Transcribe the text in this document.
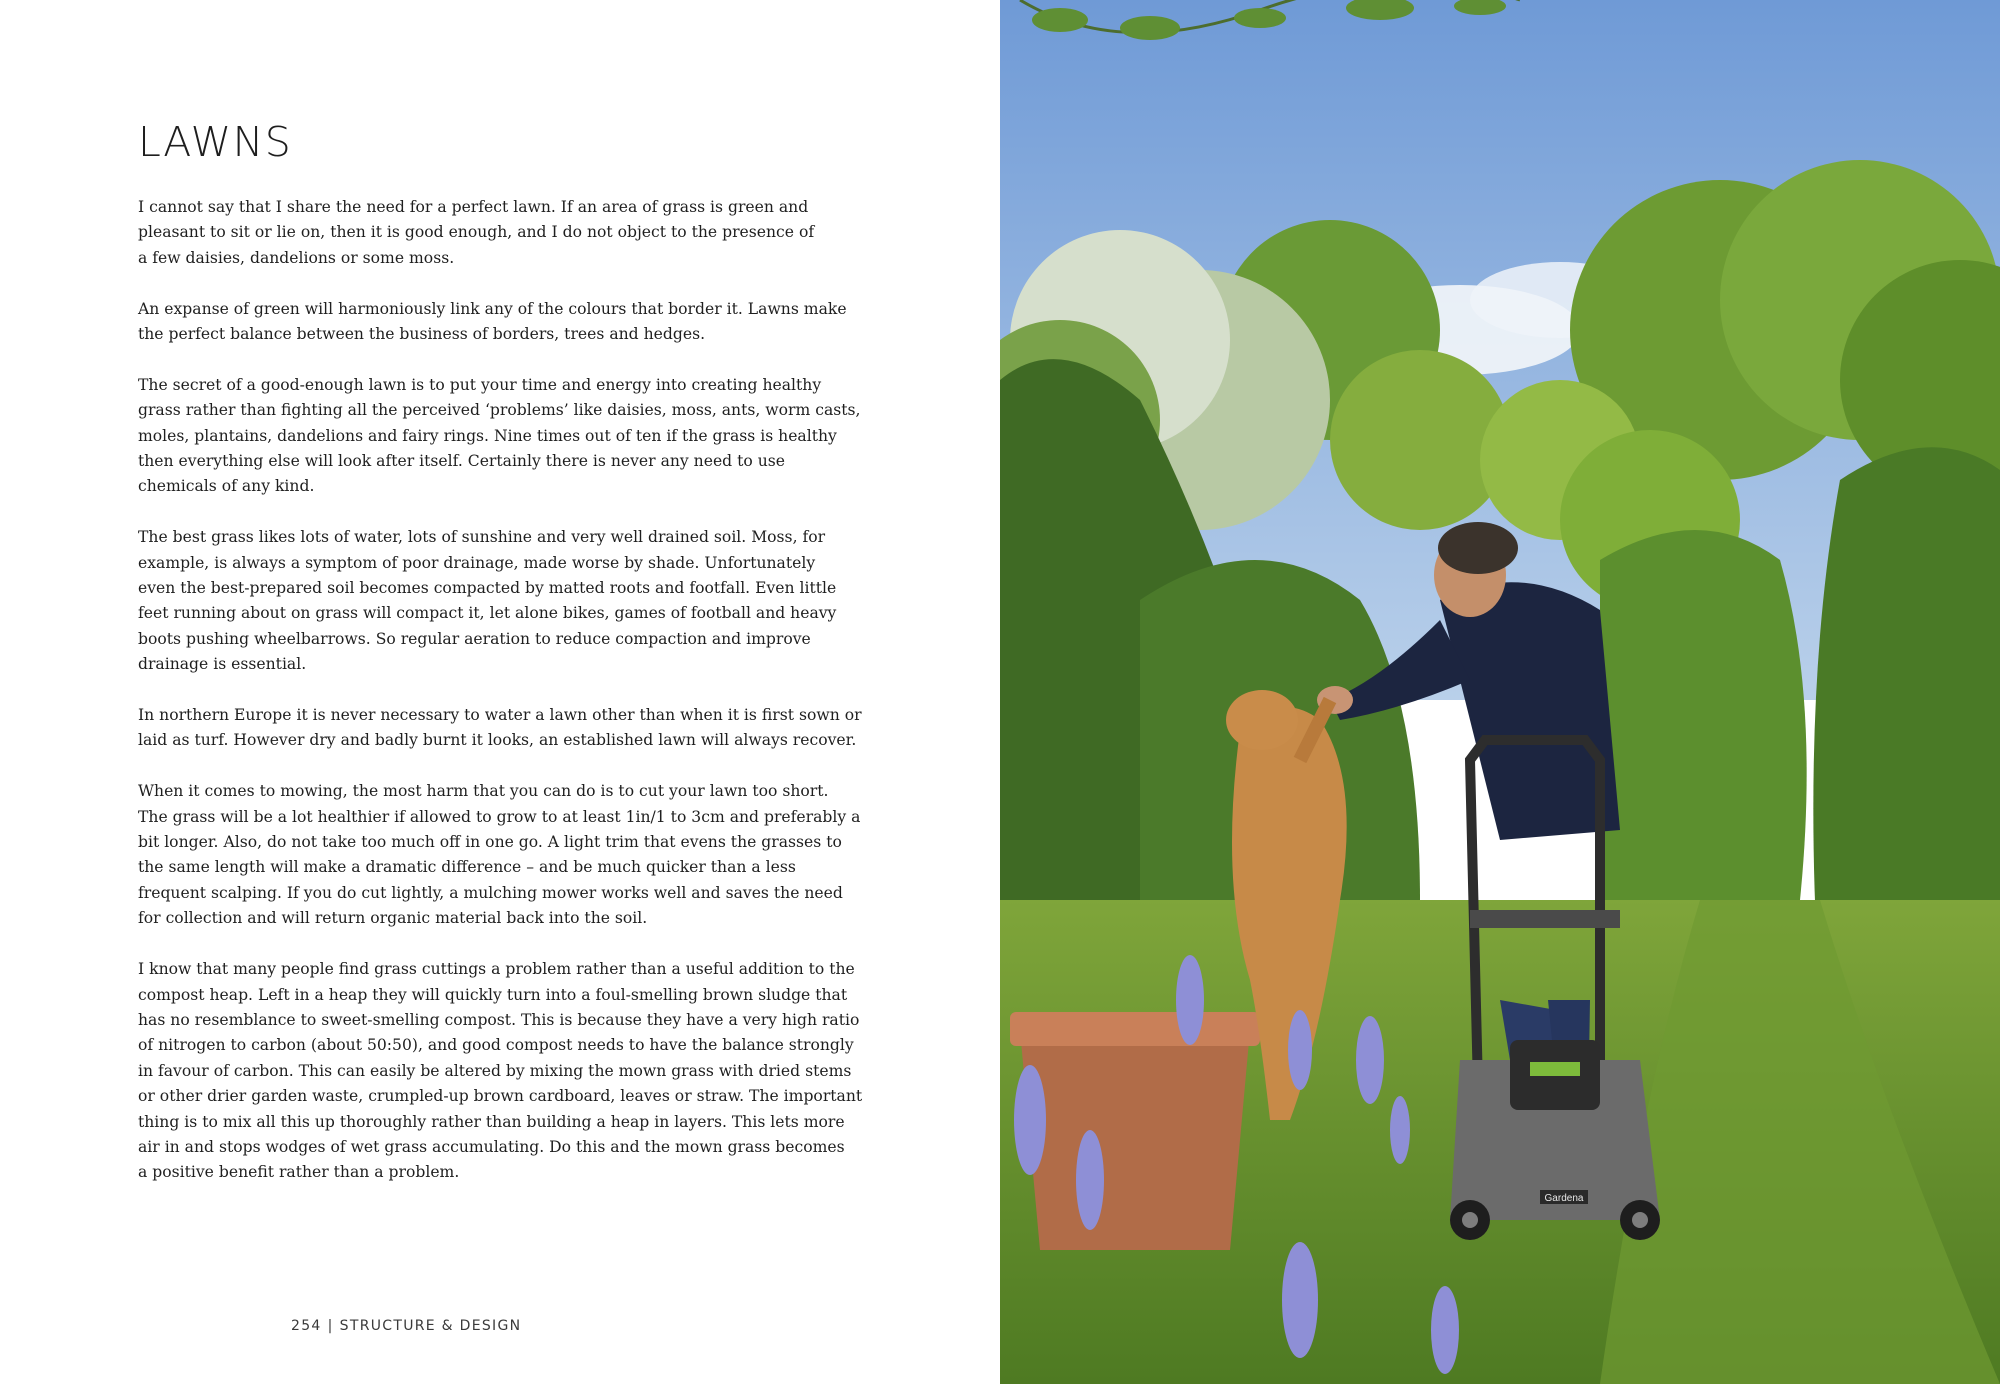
LAWNS

I cannot say that I share the need for a perfect lawn. If an area of grass is green and
pleasant to sit or lie on, then it is good enough, and I do not object to the presence of
a few daisies, dandelions or some moss.

An expanse of green will harmoniously link any of the colours that border it. Lawns make
the perfect balance between the business of borders, trees and hedges.

The secret of a good-enough lawn is to put your time and energy into creating healthy
grass rather than fighting all the perceived ‘problems’ like daisies, moss, ants, worm casts,
moles, plantains, dandelions and fairy rings. Nine times out of ten if the grass is healthy
then everything else will look after itself. Certainly there is never any need to use
chemicals of any kind.

The best grass likes lots of water, lots of sunshine and very well drained soil. Moss, for
example, is always a symptom of poor drainage, made worse by shade. Unfortunately
even the best-prepared soil becomes compacted by matted roots and footfall. Even little
feet running about on grass will compact it, let alone bikes, games of football and heavy
boots pushing wheelbarrows. So regular aeration to reduce compaction and improve
drainage is essential.

In northern Europe it is never necessary to water a lawn other than when it is first sown or
laid as turf. However dry and badly burnt it looks, an established lawn will always recover.

When it comes to mowing, the most harm that you can do is to cut your lawn too short.
The grass will be a lot healthier if allowed to grow to at least 1in/1 to 3cm and preferably a
bit longer. Also, do not take too much off in one go. A light trim that evens the grasses to
the same length will make a dramatic difference – and be much quicker than a less
frequent scalping. If you do cut lightly, a mulching mower works well and saves the need
for collection and will return organic material back into the soil.

I know that many people find grass cuttings a problem rather than a useful addition to the
compost heap. Left in a heap they will quickly turn into a foul-smelling brown sludge that
has no resemblance to sweet-smelling compost. This is because they have a very high ratio
of nitrogen to carbon (about 50:50), and good compost needs to have the balance strongly
in favour of carbon. This can easily be altered by mixing the mown grass with dried stems
or other drier garden waste, crumpled-up brown cardboard, leaves or straw. The important
thing is to mix all this up thoroughly rather than building a heap in layers. This lets more
air in and stops wodges of wet grass accumulating. Do this and the mown grass becomes
a positive benefit rather than a problem.

254 | STRUCTURE & DESIGN
Gardena
